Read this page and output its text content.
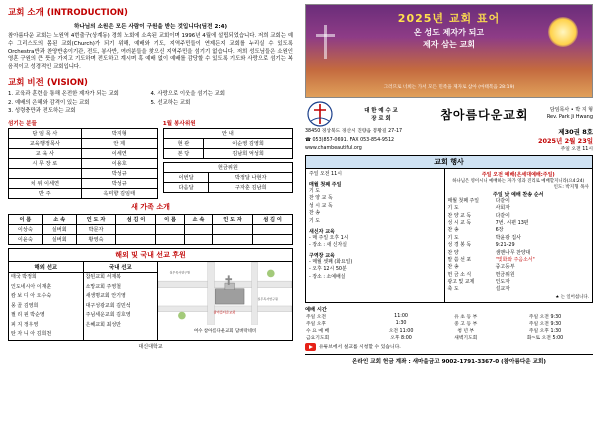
교회 소개 (INTRODUCTION)
하나님의 소원은 모든 사람이 구원을 받는 것입니다(딤전 2:4)
참아름다운 교회는 노원역 4번출구(상계동) 경희 노회에 소속된 교회이며 1996년 4월에 설립되었습니다. 저희 교회는 예수 그리스도의 몸된 교회(Church)가 되기 위해, 예배와 기도, 지역주민들이 연제든지 교회를 누리실 수 있도록 Orchestra반과 찬양반송이기관, 전도, 봉사반, 여러분들을 찾으신 지역주민을 섬기기 없습니다. 저희 성도님들은 소원인 영혼 구원의 큰 뜻을 가지고 기도하며 전도하고 계시며 혹 예배 없이 예배를 감당할 수 있도록 기도와 사랑으로 섬기는 복음적이고 성경적인 교회입니다.
교회 비전 (VISION)
1. 교육과 훈련을 통해 온전한 제자가 되는 교회
2. 예배의 은혜와 감격이 있는 교회
3. 성령충만과 전도하는 교회
4. 사랑으로 이웃을 섬기는 교회
5. 선교하는 교회
섬기는 분들
담 임 목 사	박지형
교육행정목사	안 제
교 육 사	이세연
시 무 장 로	이용호
	박성규
치 위 이세연	박성규
반 주	옥미향 김임태
1월 봉사위원
안 내	
현 관	이순영 김영희
본 당	김남희 억성희
헌금위원	
이번달	박정달 나현자
다음달	구자훈 김남희
새 가족 소개
이 름	소 속	인 도 자	섬 김 이	이 름	소 속	인 도 자	섬 김 이
이상숙	실버회	박문자					
이윤숙	실버회	황영숙					
해외 및 국내 선교 후원
해외 선교
태국 박정희
인도네시아 이재훈
캄 보 디 아 오수숙
몽 골 김영희
필 리 핀 박순영
피 지 정우영
탄 자 니 아 김희천
국내 선교
참된교회 서재복
소망교회 주영철
새생명교회 안기영
대구성광교회 김민석
주님세운교회 김호영
은혜교회 최성만
실무목사연구원
실무목사연구원
참아름다운교회
여수 참아름다운교회 담벼락네비
대신대학교
2025년 교회 표어
온 성도 제자가 되고
제자 삼는 교회
그러므로 너희는 가서 모든 민족을 제자로 삼아 (마태복음 28:19)
대 한 예 수 교
장 로 회	참아름다운교회	담임목사 • 박 지 형
Rev. Park Ji Hwang
38450 경상북도 경산시 진량읍 봉황길 27-17
☎ 053)857-0691. FAX 053-854-9512
www.chambeautiful.org
제30권 8호
2025년 2월 23일
주일 오전 11시
교회 행사
주일 오전 11시
매월 첫째 주일
기 도
찬 양 교 독
성 시 교 독
찬 송
기 도
새신자 교육
- 매 주일 오후 1시
- 장소 : 새 신자실
구역장 교육
- 매월 셋째 (화요일)
- 오후 12시 50분
- 장소 : 소예배실
주일 오전 예배(온세대예배:주일)
하나님은 영이시니 예배하는 자가 영과 진리로 예배할지니라(요4:24)
인도: 박지형 목사
주일 낮 예배 찬송 순서
매월 첫째 주일	다같이
기 도	사회자
찬 양 교 독	다같이
성 시 교 독	7번. 시편 13편
찬 송	6장
기 도	박윤광 집사
성 경 봉 독	9:21-29
찬 양	샘맨나무 찬양대
말 씀 선 포	"빛화와 주음소서"
찬 송	중고등부
헌 금 소 식	헌금위원
광고 및 교제	인도자
축 도	설교자
★ 는 일어섭니다.
예배 시간
주일 오전	11:00	유 초 등 부	주일 오전 9:30
주일 오후	1:30	중 고 등 부	주일 오전 9:30
수 요 예 배	오전 11:00	청 년 부	주일 오후 1:30
금요기도회	오후 8:00	새벽기도회	화~토 오전 5:00
유튜브에서 설교를 시청할 수 있습니다.
온라인 교회 헌금 계좌 : 새마을금고 9002-1791-3367-0 (참아름다운 교회)
